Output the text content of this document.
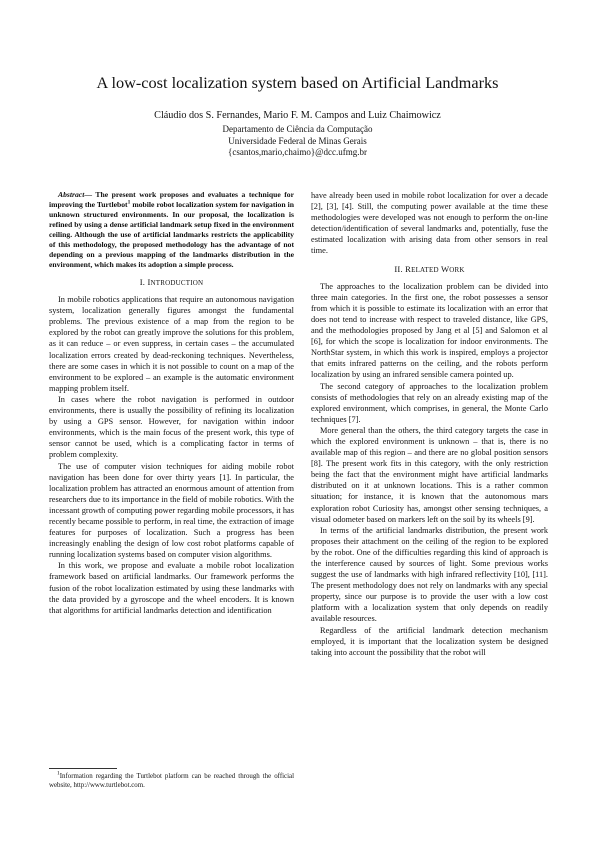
A low-cost localization system based on Artificial Landmarks
Cláudio dos S. Fernandes, Mario F. M. Campos and Luiz Chaimowicz
Departamento de Ciência da Computação
Universidade Federal de Minas Gerais
{csantos,mario,chaimo}@dcc.ufmg.br

Abstract— The present work proposes and evaluates a technique for improving the Turtlebot$^1$ mobile robot localization system for navigation in unknown structured environments. In our proposal, the localization is refined by using a dense artificial landmark setup fixed in the environment ceiling. Although the use of artificial landmarks restricts the applicability of this methodology, the proposed methodology has the advantage of not depending on a previous mapping of the landmarks distribution in the environment, which makes its adoption a simple process.

I. INTRODUCTION

In mobile robotics applications that require an autonomous navigation system, localization generally figures amongst the fundamental problems. The previous existence of a map from the region to be explored by the robot can greatly improve the solutions for this problem, as it can reduce – or even suppress, in certain cases – the accumulated localization errors created by dead-reckoning techniques. Nevertheless, there are some cases in which it is not possible to count on a map of the environment to be explored – an example is the automatic environment mapping problem itself.

In cases where the robot navigation is performed in outdoor environments, there is usually the possibility of refining its localization by using a GPS sensor. However, for navigation within indoor environments, which is the main focus of the present work, this type of sensor cannot be used, which is a complicating factor in terms of problem complexity.

The use of computer vision techniques for aiding mobile robot navigation has been done for over thirty years [1]. In particular, the localization problem has attracted an enormous amount of attention from researchers due to its importance in the field of mobile robotics. With the incessant growth of computing power regarding mobile processors, it has recently became possible to perform, in real time, the extraction of image features for purposes of localization. Such a progress has been increasingly enabling the design of low cost robot platforms capable of running localization systems based on computer vision algorithms.

In this work, we propose and evaluate a mobile robot localization framework based on artificial landmarks. Our framework performs the fusion of the robot localization estimated by using these landmarks with the data provided by a gyroscope and the wheel encoders. It is known that algorithms for artificial landmarks detection and identification

have already been used in mobile robot localization for over a decade [2], [3], [4]. Still, the computing power available at the time these methodologies were developed was not enough to perform the on-line detection/identification of several landmarks and, potentially, fuse the estimated localization with arising data from other sensors in real time.

II. RELATED WORK

The approaches to the localization problem can be divided into three main categories. In the first one, the robot possesses a sensor from which it is possible to estimate its localization with an error that does not tend to increase with respect to traveled distance, like GPS, and the methodologies proposed by Jang et al [5] and Salomon et al [6], for which the scope is localization for indoor environments. The NorthStar system, in which this work is inspired, employs a projector that emits infrared patterns on the ceiling, and the robots perform localization by using an infrared sensible camera pointed up.

The second category of approaches to the localization problem consists of methodologies that rely on an already existing map of the explored environment, which comprises, in general, the Monte Carlo techniques [7].

More general than the others, the third category targets the case in which the explored environment is unknown – that is, there is no available map of this region – and there are no global position sensors [8]. The present work fits in this category, with the only restriction being the fact that the environment might have artificial landmarks distributed on it at unknown locations. This is a rather common situation; for instance, it is known that the autonomous mars exploration robot Curiosity has, amongst other sensing techniques, a visual odometer based on markers left on the soil by its wheels [9].

In terms of the artificial landmarks distribution, the present work proposes their attachment on the ceiling of the region to be explored by the robot. One of the difficulties regarding this kind of approach is the interference caused by sources of light. Some previous works suggest the use of landmarks with high infrared reflectivity [10], [11]. The present methodology does not rely on landmarks with any special property, since our purpose is to provide the user with a low cost platform with a localization system that only depends on readily available resources.

Regardless of the artificial landmark detection mechanism employed, it is important that the localization system be designed taking into account the possibility that the robot will

$^1$Information regarding the Turtlebot platform can be reached through the official website, http://www.turtlebot.com.
